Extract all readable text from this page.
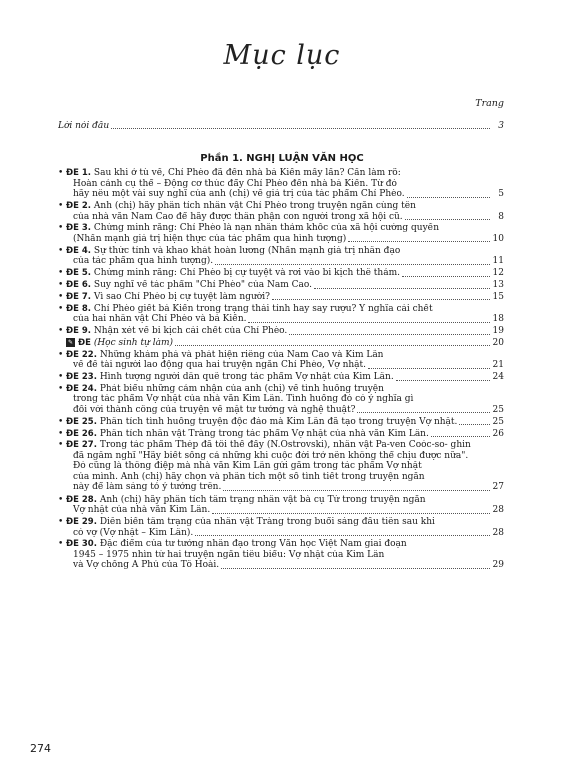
Mục lục
Trang
Lời nói đầu	3
Phần 1. NGHỊ LUẬN VĂN HỌC
• ĐỀ 1. Sau khi ở tù về, Chí Phèo đã đến nhà bá Kiến mấy lần? Cần làm rõ:
Hoàn cảnh cụ thể – Động cơ thúc đẩy Chí Phèo đến nhà bá Kiến. Từ đó
hãy nêu một vài suy nghĩ của anh (chị) về giá trị của tác phẩm Chí Phèo.	5
• ĐỀ 2. Anh (chị) hãy phân tích nhân vật Chí Phèo trong truyện ngắn cùng tên
của nhà văn Nam Cao để hãy được thân phận con người trong xã hội cũ.	8
• ĐỀ 3. Chứng minh rằng: Chí Phèo là nạn nhân thảm khốc của xã hội cường quyền
(Nhấn mạnh giá trị hiện thực của tác phẩm qua hình tượng)	10
• ĐỀ 4. Sự thức tỉnh và khao khát hoàn lương (Nhấn mạnh giá trị nhân đạo
của tác phẩm qua hình tượng).	11
• ĐỀ 5. Chứng minh rằng: Chí Phèo bị cự tuyệt và rơi vào bi kịch thê thảm.	12
• ĐỀ 6. Suy nghĩ về tác phẩm "Chí Phèo" của Nam Cao.	13
• ĐỀ 7. Vì sao Chí Phèo bị cự tuyệt làm người?	15
• ĐỀ 8. Chí Phèo giết bá Kiến trong trạng thái tỉnh hay say rượu? Ý nghĩa cái chết
của hai nhân vật Chí Phèo và bá Kiến.	18
• ĐỀ 9. Nhận xét về bi kịch cái chết của Chí Phèo.	19
✎ ĐỀ (Học sinh tự làm)	20
• ĐỀ 22. Những khám phá và phát hiện riêng của Nam Cao và Kim Lân
về đề tài người lao động qua hai truyện ngắn Chí Phèo, Vợ nhặt.	21
• ĐỀ 23. Hình tượng người dân quê trong tác phẩm Vợ nhặt của Kim Lân.	24
• ĐỀ 24. Phát biểu những cảm nhận của anh (chị) về tình huống truyện
trong tác phẩm Vợ nhặt của nhà văn Kim Lân. Tình huống đó có ý nghĩa gì
đối với thành công của truyện về mặt tư tưởng và nghệ thuật?	25
• ĐỀ 25. Phân tích tình huống truyện độc đáo mà Kim Lân đã tạo trong truyện Vợ nhặt.	25
• ĐỀ 26. Phân tích nhân vật Tràng trong tác phẩm Vợ nhặt của nhà văn Kim Lân.	26
• ĐỀ 27. Trong tác phẩm Thép đã tôi thế đấy (N.Ostrovski), nhân vật Pa-ven Coóc-so- ghin
đã ngẫm nghĩ "Hãy biết sống cả những khi cuộc đời trở nên không thể chịu được nữa".
Đó cũng là thông điệp mà nhà văn Kim Lân gửi gắm trong tác phẩm Vợ nhặt
của mình. Anh (chị) hãy chọn và phân tích một số tình tiết trong truyện ngắn
này để làm sáng tỏ ý tưởng trên.	27
• ĐỀ 28. Anh (chị) hãy phân tích tâm trạng nhân vật bà cụ Tứ trong truyện ngắn
Vợ nhặt của nhà văn Kim Lân.	28
• ĐỀ 29. Diễn biến tâm trạng của nhân vật Tràng trong buổi sáng đầu tiên sau khi
có vợ (Vợ nhặt – Kim Lân).	28
• ĐỀ 30. Đặc điểm của tư tưởng nhân đạo trong Văn học Việt Nam giai đoạn
1945 – 1975 nhìn từ hai truyện ngắn tiêu biểu: Vợ nhặt của Kim Lân
và Vợ chồng A Phủ của Tô Hoài.	29
274
